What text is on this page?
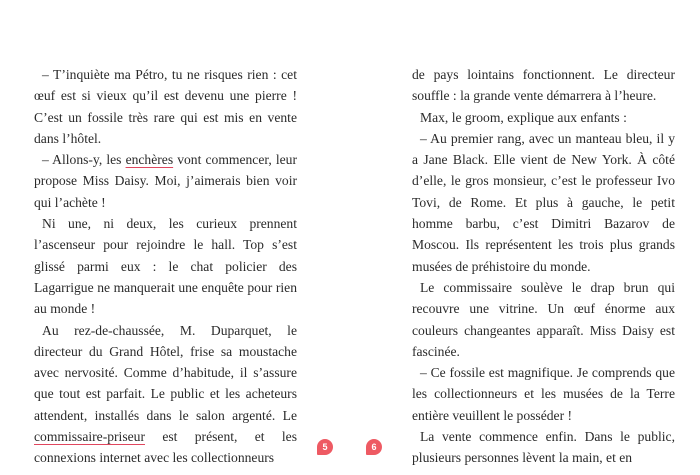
– T’inquiète ma Pétro, tu ne risques rien : cet œuf est si vieux qu’il est devenu une pierre ! C’est un fossile très rare qui est mis en vente dans l’hôtel.

– Allons-y, les enchères vont commencer, leur propose Miss Daisy. Moi, j’aimerais bien voir qui l’achète !

Ni une, ni deux, les curieux prennent l’ascenseur pour rejoindre le hall. Top s’est glissé parmi eux : le chat policier des Lagarrigue ne manquerait une enquête pour rien au monde !

Au rez-de-chaussée, M. Duparquet, le directeur du Grand Hôtel, frise sa moustache avec nervosité. Comme d’habitude, il s’assure que tout est parfait. Le public et les acheteurs attendent, installés dans le salon argenté. Le commissaire-priseur est présent, et les connexions internet avec les collectionneurs

5

de pays lointains fonctionnent. Le directeur souffle : la grande vente démarrera à l’heure.

Max, le groom, explique aux enfants :

– Au premier rang, avec un manteau bleu, il y a Jane Black. Elle vient de New York. À côté d’elle, le gros monsieur, c’est le professeur Ivo Tovi, de Rome. Et plus à gauche, le petit homme barbu, c’est Dimitri Bazarov de Moscou. Ils représentent les trois plus grands musées de préhistoire du monde.

Le commissaire soulève le drap brun qui recouvre une vitrine. Un œuf énorme aux couleurs changeantes apparaît. Miss Daisy est fascinée.

– Ce fossile est magnifique. Je comprends que les collectionneurs et les musées de la Terre entière veuillent le posséder !

La vente commence enfin. Dans le public, plusieurs personnes lèvent la main, et en

6
